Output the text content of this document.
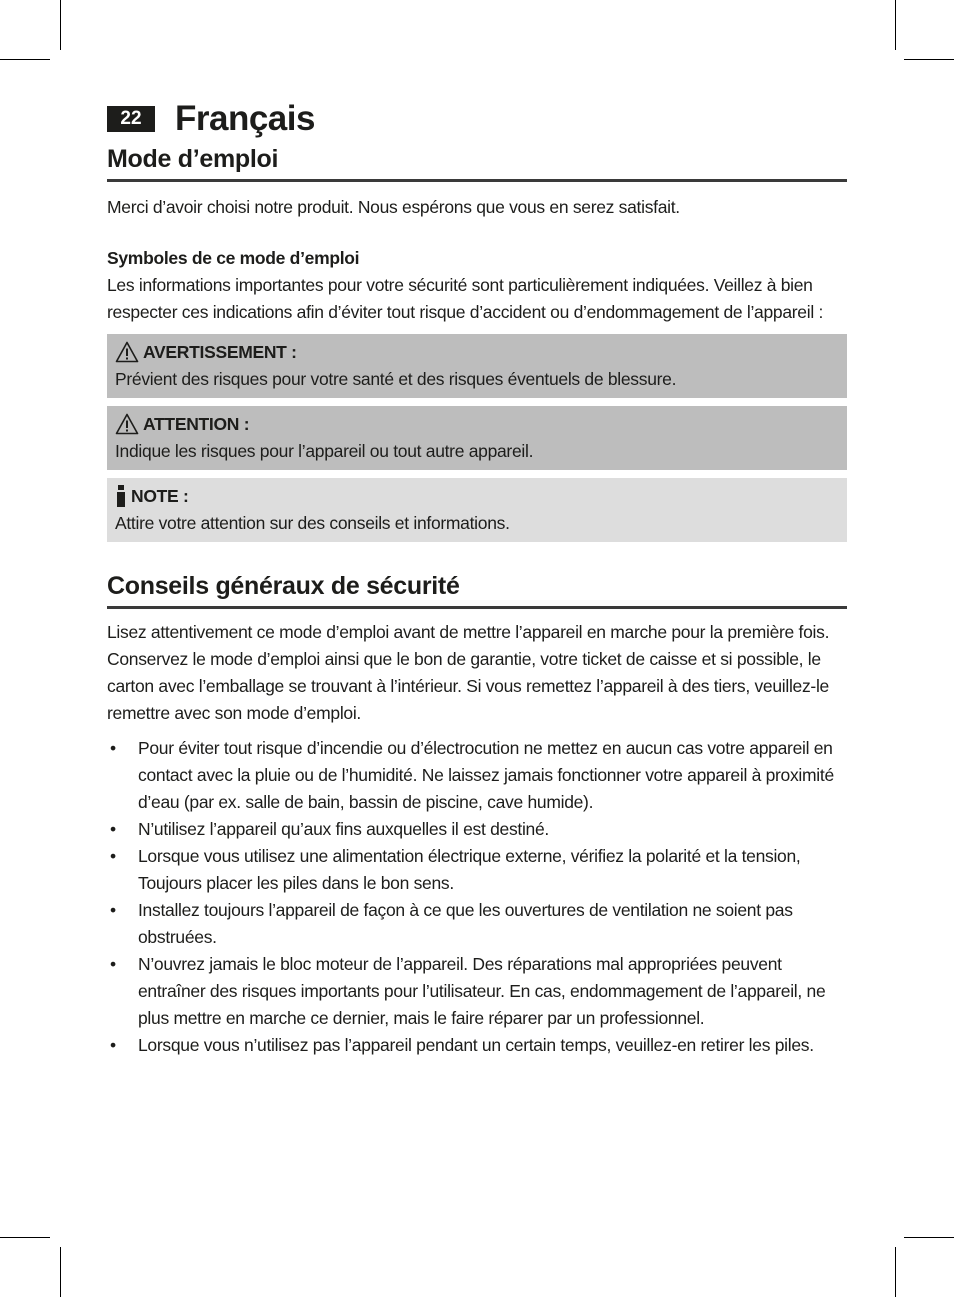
22 Français
Mode d’emploi

Merci d’avoir choisi notre produit. Nous espérons que vous en serez satisfait.

Symboles de ce mode d’emploi

Les informations importantes pour votre sécurité sont particulièrement indiquées. Veillez à bien respecter ces indications afin d’éviter tout risque d’accident ou d’endommagement de l’appareil :

AVERTISSEMENT :
Prévient des risques pour votre santé et des risques éventuels de blessure.
ATTENTION :
Indique les risques pour l’appareil ou tout autre appareil.
NOTE :
Attire votre attention sur des conseils et informations.
Conseils généraux de sécurité

Lisez attentivement ce mode d’emploi avant de mettre l’appareil en marche pour la première fois. Conservez le mode d’emploi ainsi que le bon de garantie, votre ticket de caisse et si possible, le carton avec l’emballage se trouvant à l’intérieur. Si vous remettez l’appareil à des tiers, veuillez-le remettre avec son mode d’emploi.

• Pour éviter tout risque d’incendie ou d’électrocution ne mettez en aucun cas votre appareil en contact avec la pluie ou de l’humidité. Ne laissez jamais fonctionner votre appareil à proximité d’eau (par ex. salle de bain, bassin de piscine, cave humide).
• N’utilisez l’appareil qu’aux fins auxquelles il est destiné.
• Lorsque vous utilisez une alimentation électrique externe, vérifiez la polarité et la tension, Toujours placer les piles dans le bon sens.
• Installez toujours l’appareil de façon à ce que les ouvertures de ventilation ne soient pas obstruées.
• N’ouvrez jamais le bloc moteur de l’appareil. Des réparations mal appropriées peuvent entraîner des risques importants pour l’utilisateur. En cas, endommagement de l’appareil, ne plus mettre en marche ce dernier, mais le faire réparer par un professionnel.
• Lorsque vous n’utilisez pas l’appareil pendant un certain temps, veuillez-en retirer les piles.
